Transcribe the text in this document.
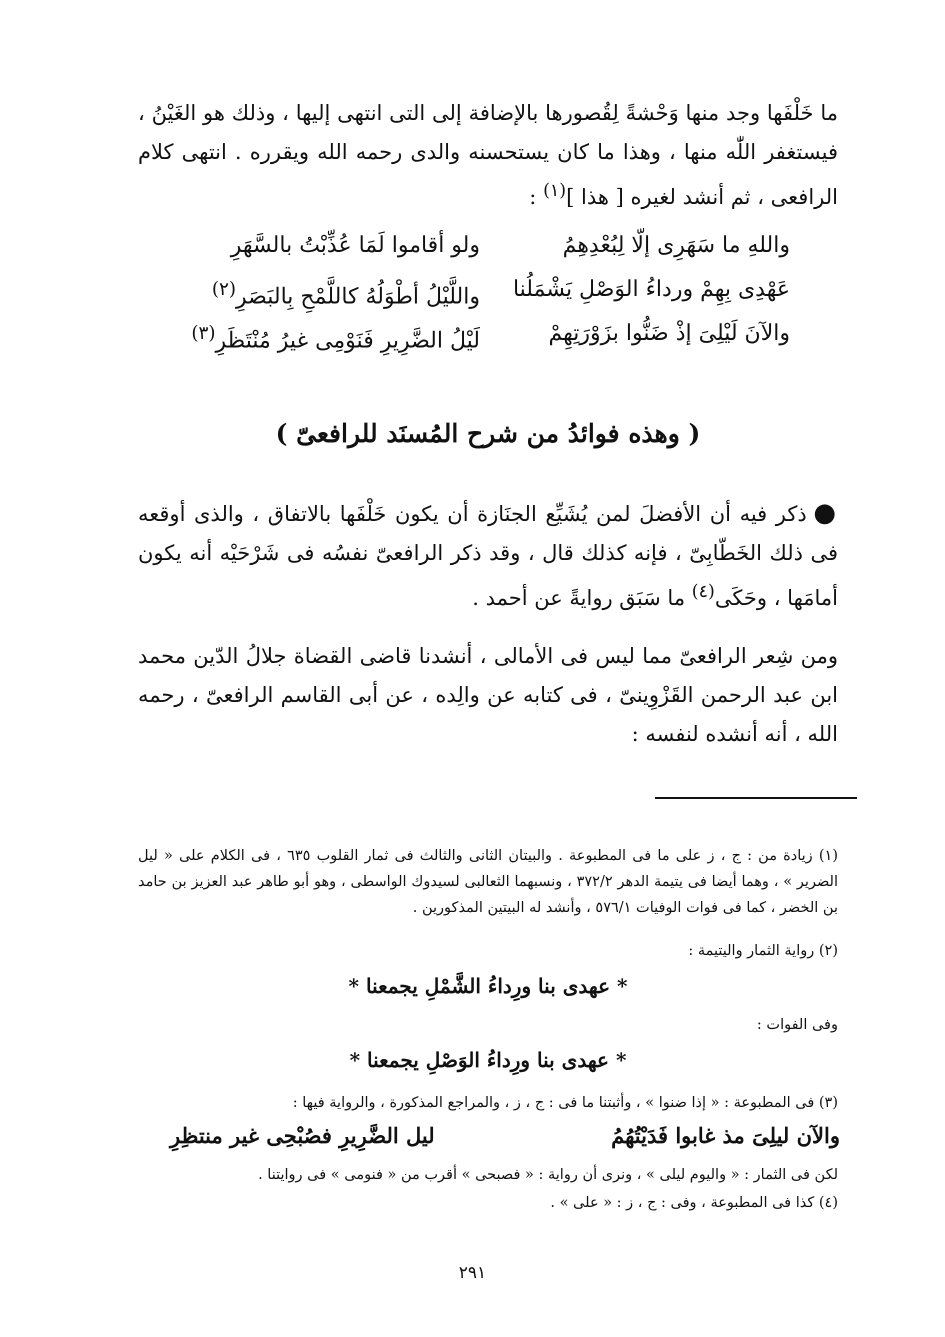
ما خَلْفَها وجد منها وَحْشةً لِقُصورها بالإضافة إلى التى انتهى إليها ، وذلك هو الغَيْنُ ، فيستغفر اللّٰه منها ، وهذا ما كان يستحسنه والدى رحمه الله ويقرره . انتهى كلام الرافعى ، ثم أنشد لغيره [ هذا ]$^{(١)}$ :
واللهِ ما سَهَرِى إلّا لِبُعْدِهِمُ
ولو أقاموا لَمَا عُذِّبْتُ بالسَّهَرِ
عَهْدِى بِهِمْ ورداءُ الوَصْلِ يَشْمَلُنا
واللَّيْلُ أطْوَلُهُ كاللَّمْحِ بِالبَصَرِ$^{(٢)}$
والآنَ لَيْلِىَ إذْ ضَنُّوا بزَوْرَتِهِمْ
لَيْلُ الضَّرِيرِ فَنَوْمِى غيرُ مُنْتَظَرِ$^{(٣)}$
( وهذه فوائدُ من شرح المُسنَد للرافعىّ )
● ذكر فيه أن الأفضلَ لمن يُشَيِّع الجنَازة أن يكون خَلْفَها بالاتفاق ، والذى أوقعه فى ذلك الخَطّابِىّ ، فإنه كذلك قال ، وقد ذكر الرافعىّ نفسُه فى شَرْحَيْه أنه يكون أمامَها ، وحَكَى$^{(٤)}$ ما سَبَق روايةً عن أحمد .
ومن شِعر الرافعىّ مما ليس فى الأمالى ، أنشدنا قاضى القضاة جلالُ الدّين محمد ابن عبد الرحمن القَزْوِينىّ ، فى كتابه عن والِده ، عن أبى القاسم الرافعىّ ، رحمه الله ، أنه أنشده لنفسه :
(١) زيادة من : ج ، ز على ما فى المطبوعة . والبيتان الثانى والثالث فى ثمار القلوب ٦٣٥ ، فى الكلام على « ليل الضرير » ، وهما أيضا فى يتيمة الدهر ٣٧٢/٢ ، ونسبهما الثعالبى لسيدوك الواسطى ، وهو أبو طاهر عبد العزيز بن حامد بن الخضر ، كما فى فوات الوفيات ٥٧٦/١ ، وأنشد له البيتين المذكورين .
(٢) رواية الثمار واليتيمة :
* عهدى بنا ورِداءُ الشَّمْلِ يجمعنا *
وفى الفوات :
* عهدى بنا ورِداءُ الوَصْلِ يجمعنا *
(٣) فى المطبوعة : « إذا ضنوا » ، وأثبتنا ما فى : ج ، ز ، والمراجع المذكورة ، والرواية فيها :
والآن ليلِىَ مذ غابوا فَدَيْتُهُمُ
ليل الضَّرِيرِ فصُبْحِى غير منتظِرِ
لكن فى الثمار : « واليوم ليلى » ، ونرى أن رواية : « فصبحى » أقرب من « فنومى » فى روايتنا .
(٤) كذا فى المطبوعة ، وفى : ج ، ز : « على » .
٢٩١
